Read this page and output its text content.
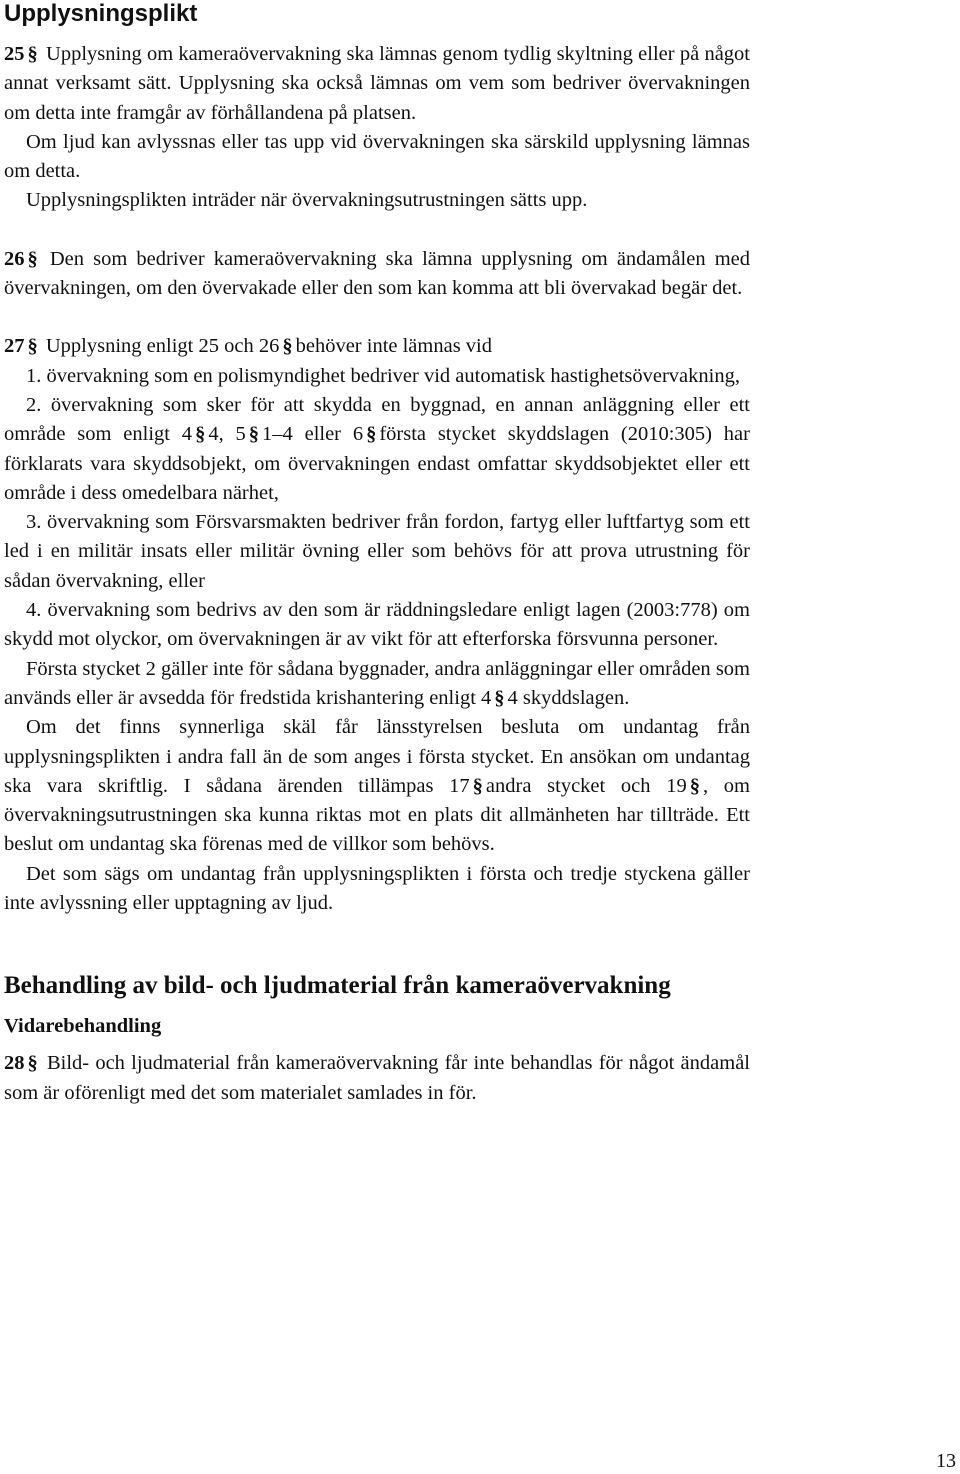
Upplysningsplikt

25 § Upplysning om kameraövervakning ska lämnas genom tydlig skyltning eller på något annat verksamt sätt. Upplysning ska också lämnas om vem som bedriver övervakningen om detta inte framgår av förhållandena på platsen.

Om ljud kan avlyssnas eller tas upp vid övervakningen ska särskild upplysning lämnas om detta.

Upplysningsplikten inträder när övervakningsutrustningen sätts upp.

26 § Den som bedriver kameraövervakning ska lämna upplysning om ändamålen med övervakningen, om den övervakade eller den som kan komma att bli övervakad begär det.

27 § Upplysning enligt 25 och 26 § behöver inte lämnas vid

1. övervakning som en polismyndighet bedriver vid automatisk hastighetsövervakning,

2. övervakning som sker för att skydda en byggnad, en annan anläggning eller ett område som enligt 4 § 4, 5 § 1–4 eller 6 § första stycket skyddslagen (2010:305) har förklarats vara skyddsobjekt, om övervakningen endast omfattar skyddsobjektet eller ett område i dess omedelbara närhet,

3. övervakning som Försvarsmakten bedriver från fordon, fartyg eller luftfartyg som ett led i en militär insats eller militär övning eller som behövs för att prova utrustning för sådan övervakning, eller

4. övervakning som bedrivs av den som är räddningsledare enligt lagen (2003:778) om skydd mot olyckor, om övervakningen är av vikt för att efterforska försvunna personer.

Första stycket 2 gäller inte för sådana byggnader, andra anläggningar eller områden som används eller är avsedda för fredstida krishantering enligt 4 § 4 skyddslagen.

Om det finns synnerliga skäl får länsstyrelsen besluta om undantag från upplysningsplikten i andra fall än de som anges i första stycket. En ansökan om undantag ska vara skriftlig. I sådana ärenden tillämpas 17 § andra stycket och 19 § , om övervakningsutrustningen ska kunna riktas mot en plats dit allmänheten har tillträde. Ett beslut om undantag ska förenas med de villkor som behövs.

Det som sägs om undantag från upplysningsplikten i första och tredje styckena gäller inte avlyssning eller upptagning av ljud.

Behandling av bild- och ljudmaterial från kameraövervakning
Vidarebehandling

28 § Bild- och ljudmaterial från kameraövervakning får inte behandlas för något ändamål som är oförenligt med det som materialet samlades in för.

13
